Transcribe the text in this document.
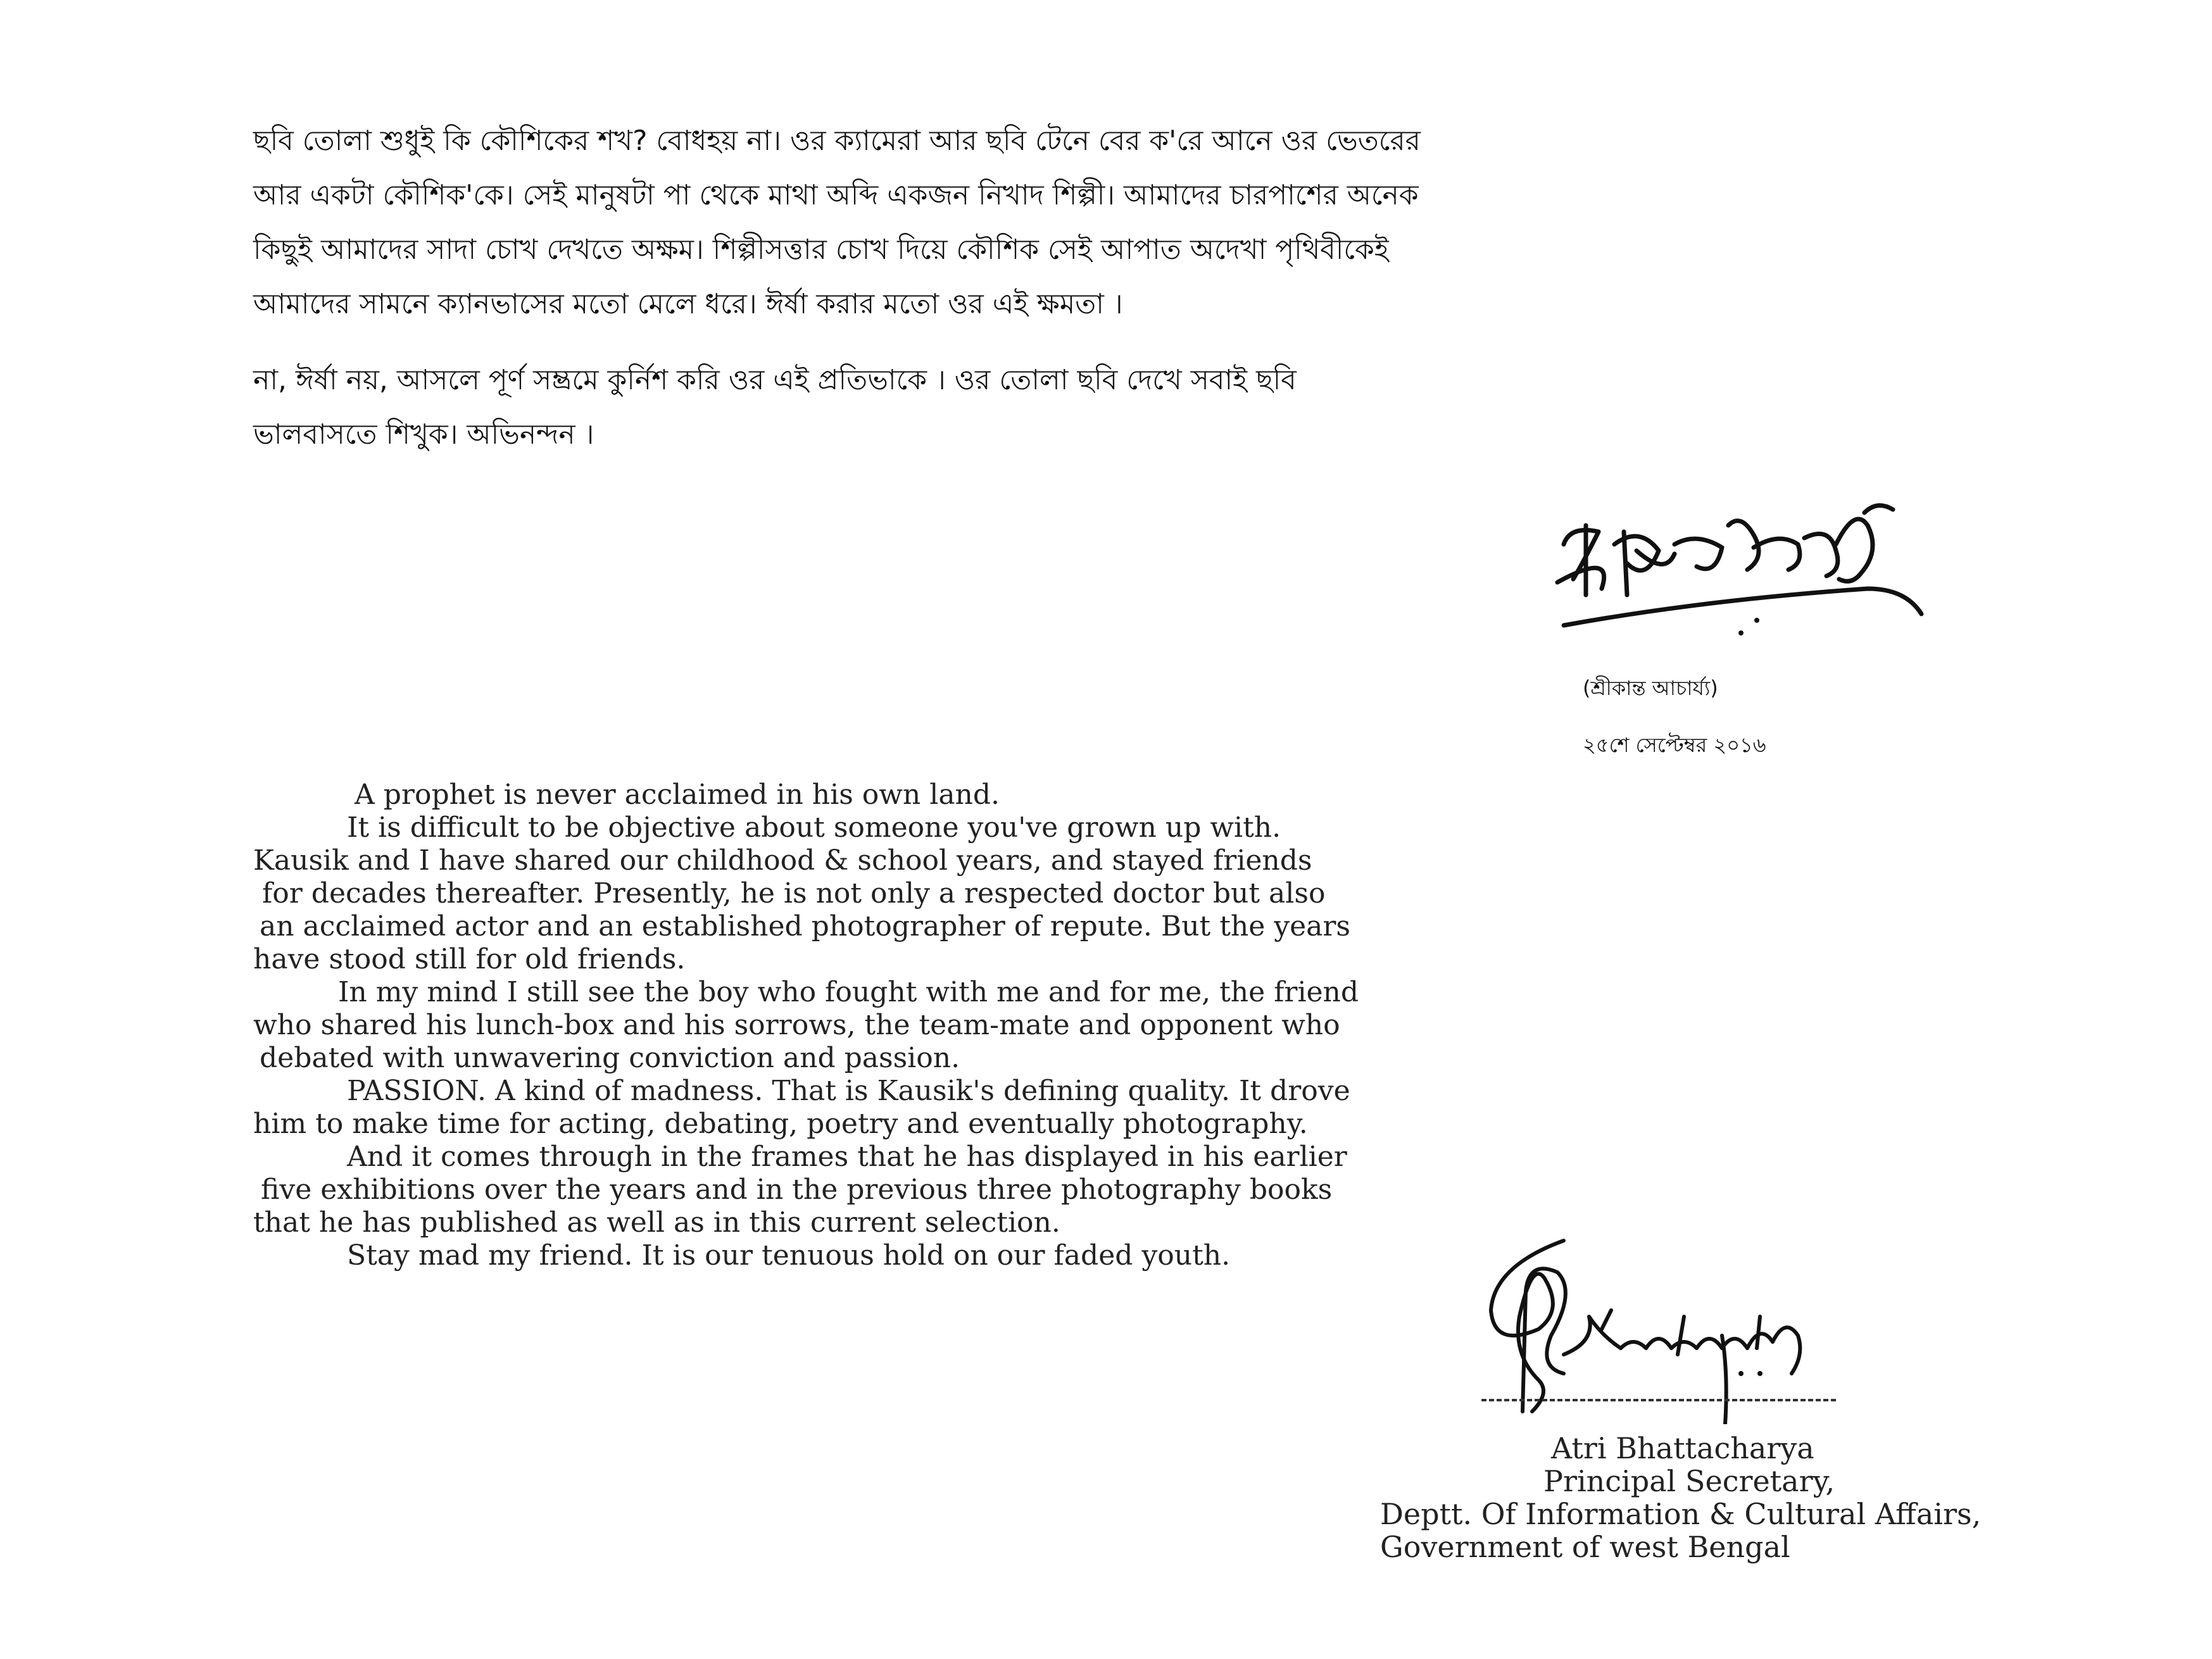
ছবি তোলা শুধুই কি কৌশিকের শখ? বোধহয় না। ওর ক্যামেরা আর ছবি টেনে বের ক'রে আনে ওর ভেতরের
আর একটা কৌশিক'কে। সেই মানুষটা পা থেকে মাথা অব্দি একজন নিখাদ শিল্পী। আমাদের চারপাশের অনেক
কিছুই আমাদের সাদা চোখ দেখতে অক্ষম। শিল্পীসত্তার চোখ দিয়ে কৌশিক সেই আপাত অদেখা পৃথিবীকেই
আমাদের সামনে ক্যানভাসের মতো মেলে ধরে। ঈর্ষা করার মতো ওর এই ক্ষমতা ।
না, ঈর্ষা নয়, আসলে পূর্ণ সম্ভ্রমে কুর্নিশ করি ওর এই প্রতিভাকে । ওর তোলা ছবি দেখে সবাই ছবি
ভালবাসতে শিখুক। অভিনন্দন ।
(শ্রীকান্ত আচার্য্য)
২৫শে সেপ্টেম্বর ২০১৬
A prophet is never acclaimed in his own land.
It is difficult to be objective about someone you've grown up with.
Kausik and I have shared our childhood & school years, and stayed friends
for decades thereafter. Presently, he is not only a respected doctor but also
an acclaimed actor and an established photographer of repute. But the years
have stood still for old friends.
In my mind I still see the boy who fought with me and for me, the friend
who shared his lunch-box and his sorrows, the team-mate and opponent who
debated with unwavering conviction and passion.
PASSION. A kind of madness. That is Kausik's defining quality. It drove
him to make time for acting, debating, poetry and eventually photography.
And it comes through in the frames that he has displayed in his earlier
five exhibitions over the years and in the previous three photography books
that he has published as well as in this current selection.
Stay mad my friend. It is our tenuous hold on our faded youth.
Atri Bhattacharya
Principal Secretary,
Deptt. Of Information & Cultural Affairs,
Government of west Bengal
